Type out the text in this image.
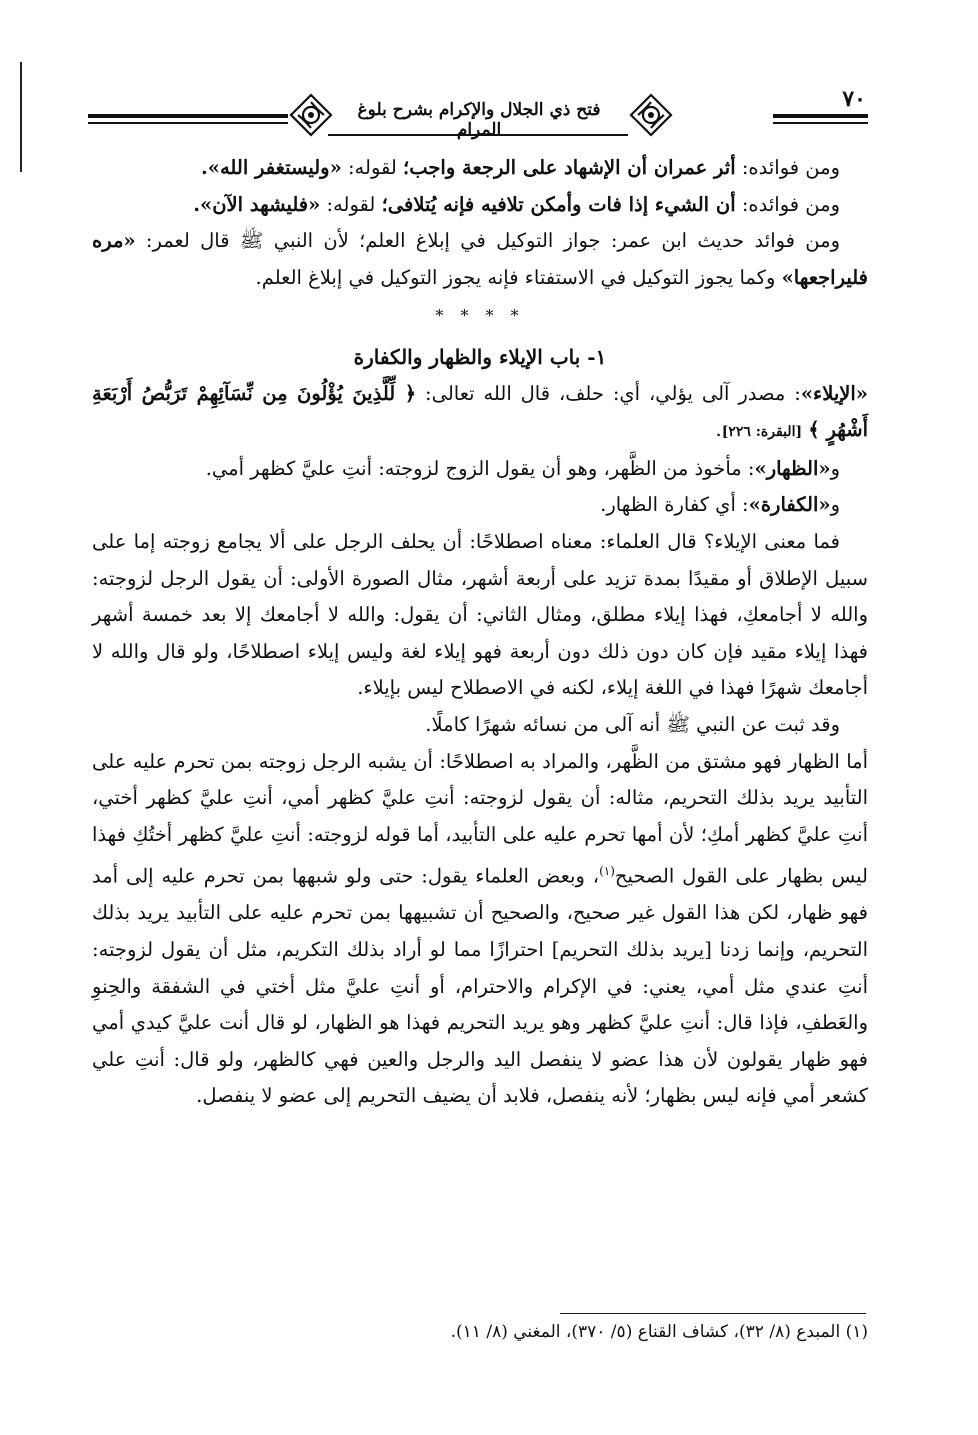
فتح ذي الجلال والإكرام بشرح بلوغ المرام
٧٠

ومن فوائده: أثر عمران أن الإشهاد على الرجعة واجب؛ لقوله: «وليستغفر الله».

ومن فوائده: أن الشيء إذا فات وأمكن تلافيه فإنه يُتلافى؛ لقوله: «فليشهد الآن».

ومن فوائد حديث ابن عمر: جواز التوكيل في إبلاغ العلم؛ لأن النبي ﷺ قال لعمر: «مره فليراجعها» وكما يجوز التوكيل في الاستفتاء فإنه يجوز التوكيل في إبلاغ العلم.

* * * *
١- باب الإيلاء والظهار والكفارة

«الإيلاء»: مصدر آلى يؤلي، أي: حلف، قال الله تعالى: ﴿ لِّلَّذِينَ يُؤْلُونَ مِن نِّسَآئِهِمْ تَرَبُّصُ أَرْبَعَةِ أَشْهُرٍ ﴾ [البقرة: ٢٢٦].

و«الظهار»: مأخوذ من الظَّهر، وهو أن يقول الزوج لزوجته: أنتِ عليَّ كظهر أمي.

و«الكفارة»: أي كفارة الظهار.

فما معنى الإيلاء؟ قال العلماء: معناه اصطلاحًا: أن يحلف الرجل على ألا يجامع زوجته إما على سبيل الإطلاق أو مقيدًا بمدة تزيد على أربعة أشهر، مثال الصورة الأولى: أن يقول الرجل لزوجته: والله لا أجامعكِ، فهذا إيلاء مطلق، ومثال الثاني: أن يقول: والله لا أجامعك إلا بعد خمسة أشهر فهذا إيلاء مقيد فإن كان دون ذلك دون أربعة فهو إيلاء لغة وليس إيلاء اصطلاحًا، ولو قال والله لا أجامعك شهرًا فهذا في اللغة إيلاء، لكنه في الاصطلاح ليس بإيلاء.

وقد ثبت عن النبي ﷺ أنه آلى من نسائه شهرًا كاملًا.

أما الظهار فهو مشتق من الظَّهر، والمراد به اصطلاحًا: أن يشبه الرجل زوجته بمن تحرم عليه على التأبيد يريد بذلك التحريم، مثاله: أن يقول لزوجته: أنتِ عليَّ كظهر أمي، أنتِ عليَّ كظهر أختي، أنتِ عليَّ كظهر أمكِ؛ لأن أمها تحرم عليه على التأبيد، أما قوله لزوجته: أنتِ عليَّ كظهر أختُكِ فهذا ليس بظهار على القول الصحيح$^{(١)}$، وبعض العلماء يقول: حتى ولو شبهها بمن تحرم عليه إلى أمد فهو ظهار، لكن هذا القول غير صحيح، والصحيح أن تشبيهها بمن تحرم عليه على التأبيد يريد بذلك التحريم، وإنما زدنا [يريد بذلك التحريم] احترازًا مما لو أراد بذلك التكريم، مثل أن يقول لزوجته: أنتِ عندي مثل أمي، يعني: في الإكرام والاحترام، أو أنتِ عليَّ مثل أختي في الشفقة والحِنوِ والعَطفِ، فإذا قال: أنتِ عليَّ كظهر وهو يريد التحريم فهذا هو الظهار، لو قال أنت عليَّ كيدي أمي فهو ظهار يقولون لأن هذا عضو لا ينفصل اليد والرجل والعين فهي كالظهر، ولو قال: أنتِ علي كشعر أمي فإنه ليس بظهار؛ لأنه ينفصل، فلابد أن يضيف التحريم إلى عضو لا ينفصل.

(١) المبدع (٨/ ٣٢)، كشاف القناع (٥/ ٣٧٠)، المغني (٨/ ١١).
